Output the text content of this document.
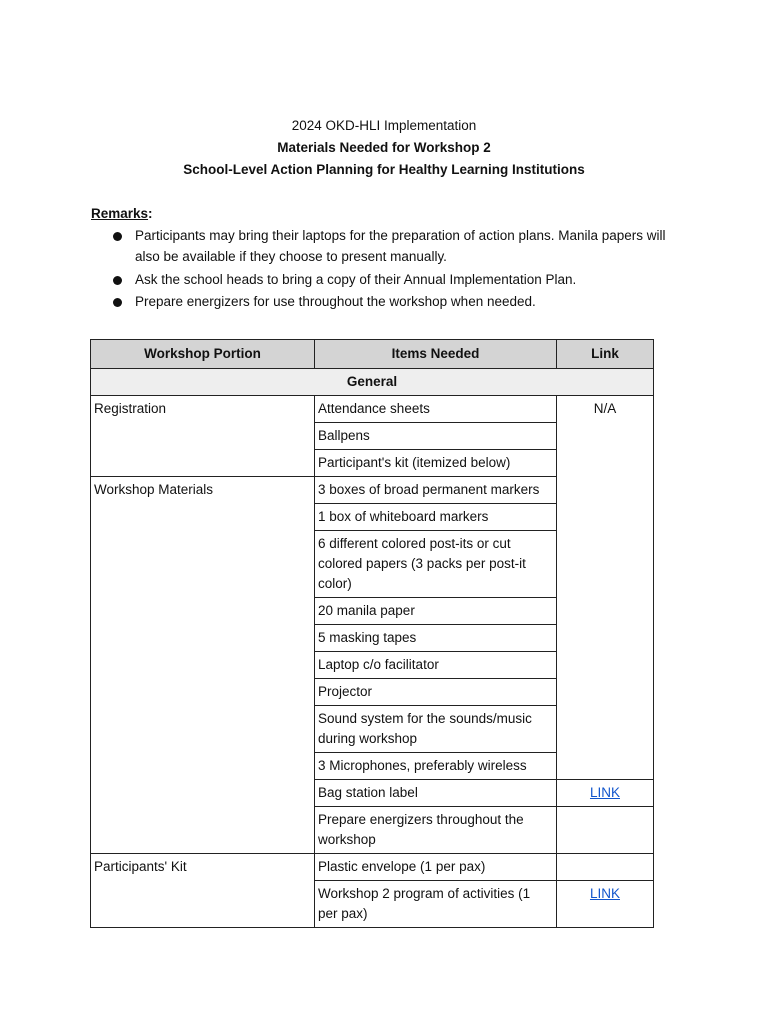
2024 OKD-HLI Implementation
Materials Needed for Workshop 2
School-Level Action Planning for Healthy Learning Institutions
Remarks:
Participants may bring their laptops for the preparation of action plans. Manila papers will also be available if they choose to present manually.
Ask the school heads to bring a copy of their Annual Implementation Plan.
Prepare energizers for use throughout the workshop when needed.
Workshop Portion	Items Needed	Link
General		
Registration	Attendance sheets	N/A
	Ballpens	
	Participant's kit (itemized below)	
Workshop Materials	3 boxes of broad permanent markers	
	1 box of whiteboard markers	
	6 different colored post-its or cut colored papers (3 packs per post-it color)	
	20 manila paper	
	5 masking tapes	
	Laptop c/o facilitator	
	Projector	
	Sound system for the sounds/music during workshop	
	3 Microphones, preferably wireless	
	Bag station label	LINK
	Prepare energizers throughout the workshop	
Participants' Kit	Plastic envelope (1 per pax)	
	Workshop 2 program of activities (1 per pax)	LINK
